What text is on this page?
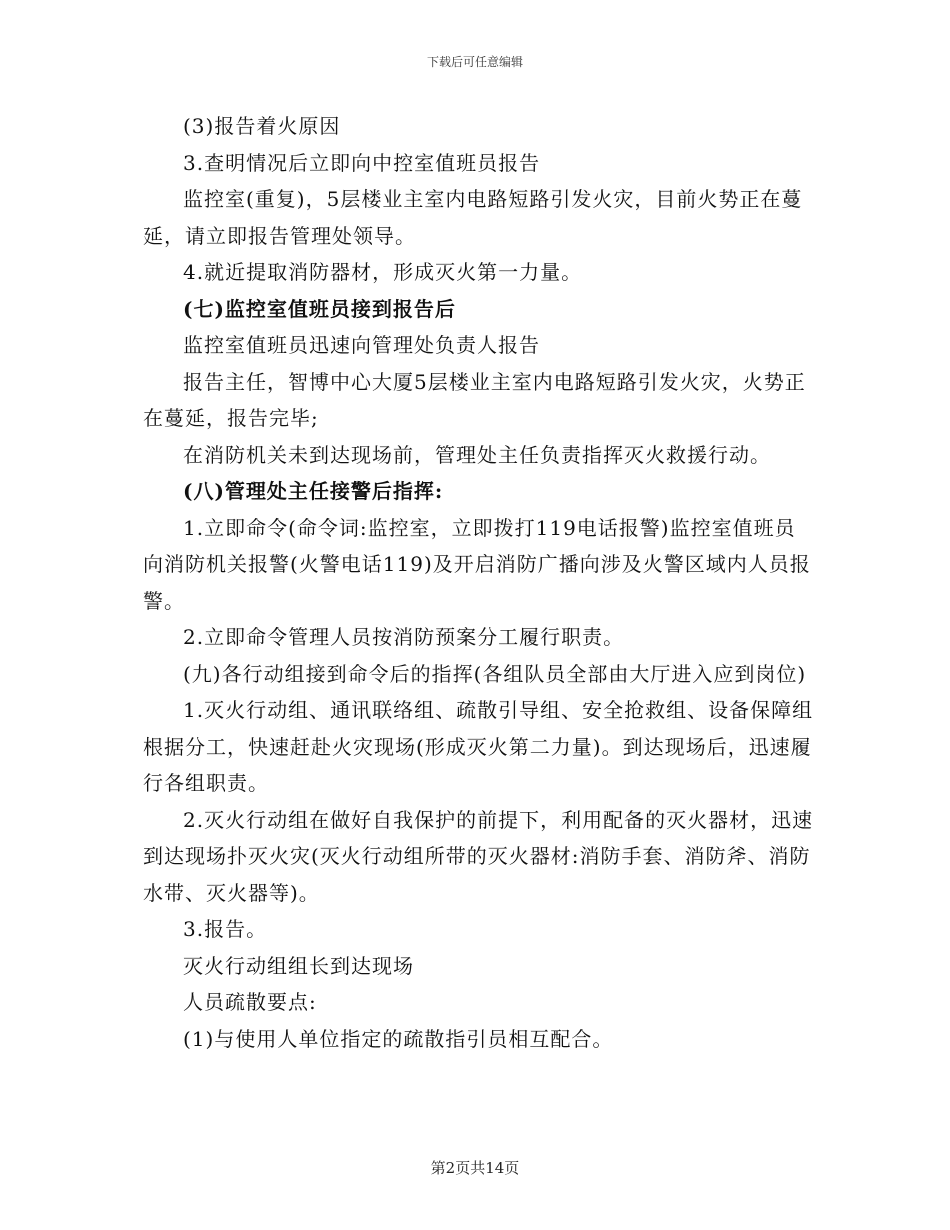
下载后可任意编辑

(3)报告着火原因

3.查明情况后立即向中控室值班员报告

监控室(重复)，5层楼业主室内电路短路引发火灾，目前火势正在蔓延，请立即报告管理处领导。

4.就近提取消防器材，形成灭火第一力量。

(七)监控室值班员接到报告后

监控室值班员迅速向管理处负责人报告

报告主任，智博中心大厦5层楼业主室内电路短路引发火灾，火势正在蔓延，报告完毕;

在消防机关未到达现场前，管理处主任负责指挥灭火救援行动。

(八)管理处主任接警后指挥:

1.立即命令(命令词:监控室，立即拨打119电话报警)监控室值班员向消防机关报警(火警电话119)及开启消防广播向涉及火警区域内人员报警。

2.立即命令管理人员按消防预案分工履行职责。

(九)各行动组接到命令后的指挥(各组队员全部由大厅进入应到岗位)

1.灭火行动组、通讯联络组、疏散引导组、安全抢救组、设备保障组根据分工，快速赶赴火灾现场(形成灭火第二力量)。到达现场后，迅速履行各组职责。

2.灭火行动组在做好自我保护的前提下，利用配备的灭火器材，迅速到达现场扑灭火灾(灭火行动组所带的灭火器材:消防手套、消防斧、消防水带、灭火器等)。

3.报告。

灭火行动组组长到达现场

人员疏散要点:

(1)与使用人单位指定的疏散指引员相互配合。

第2页共14页
